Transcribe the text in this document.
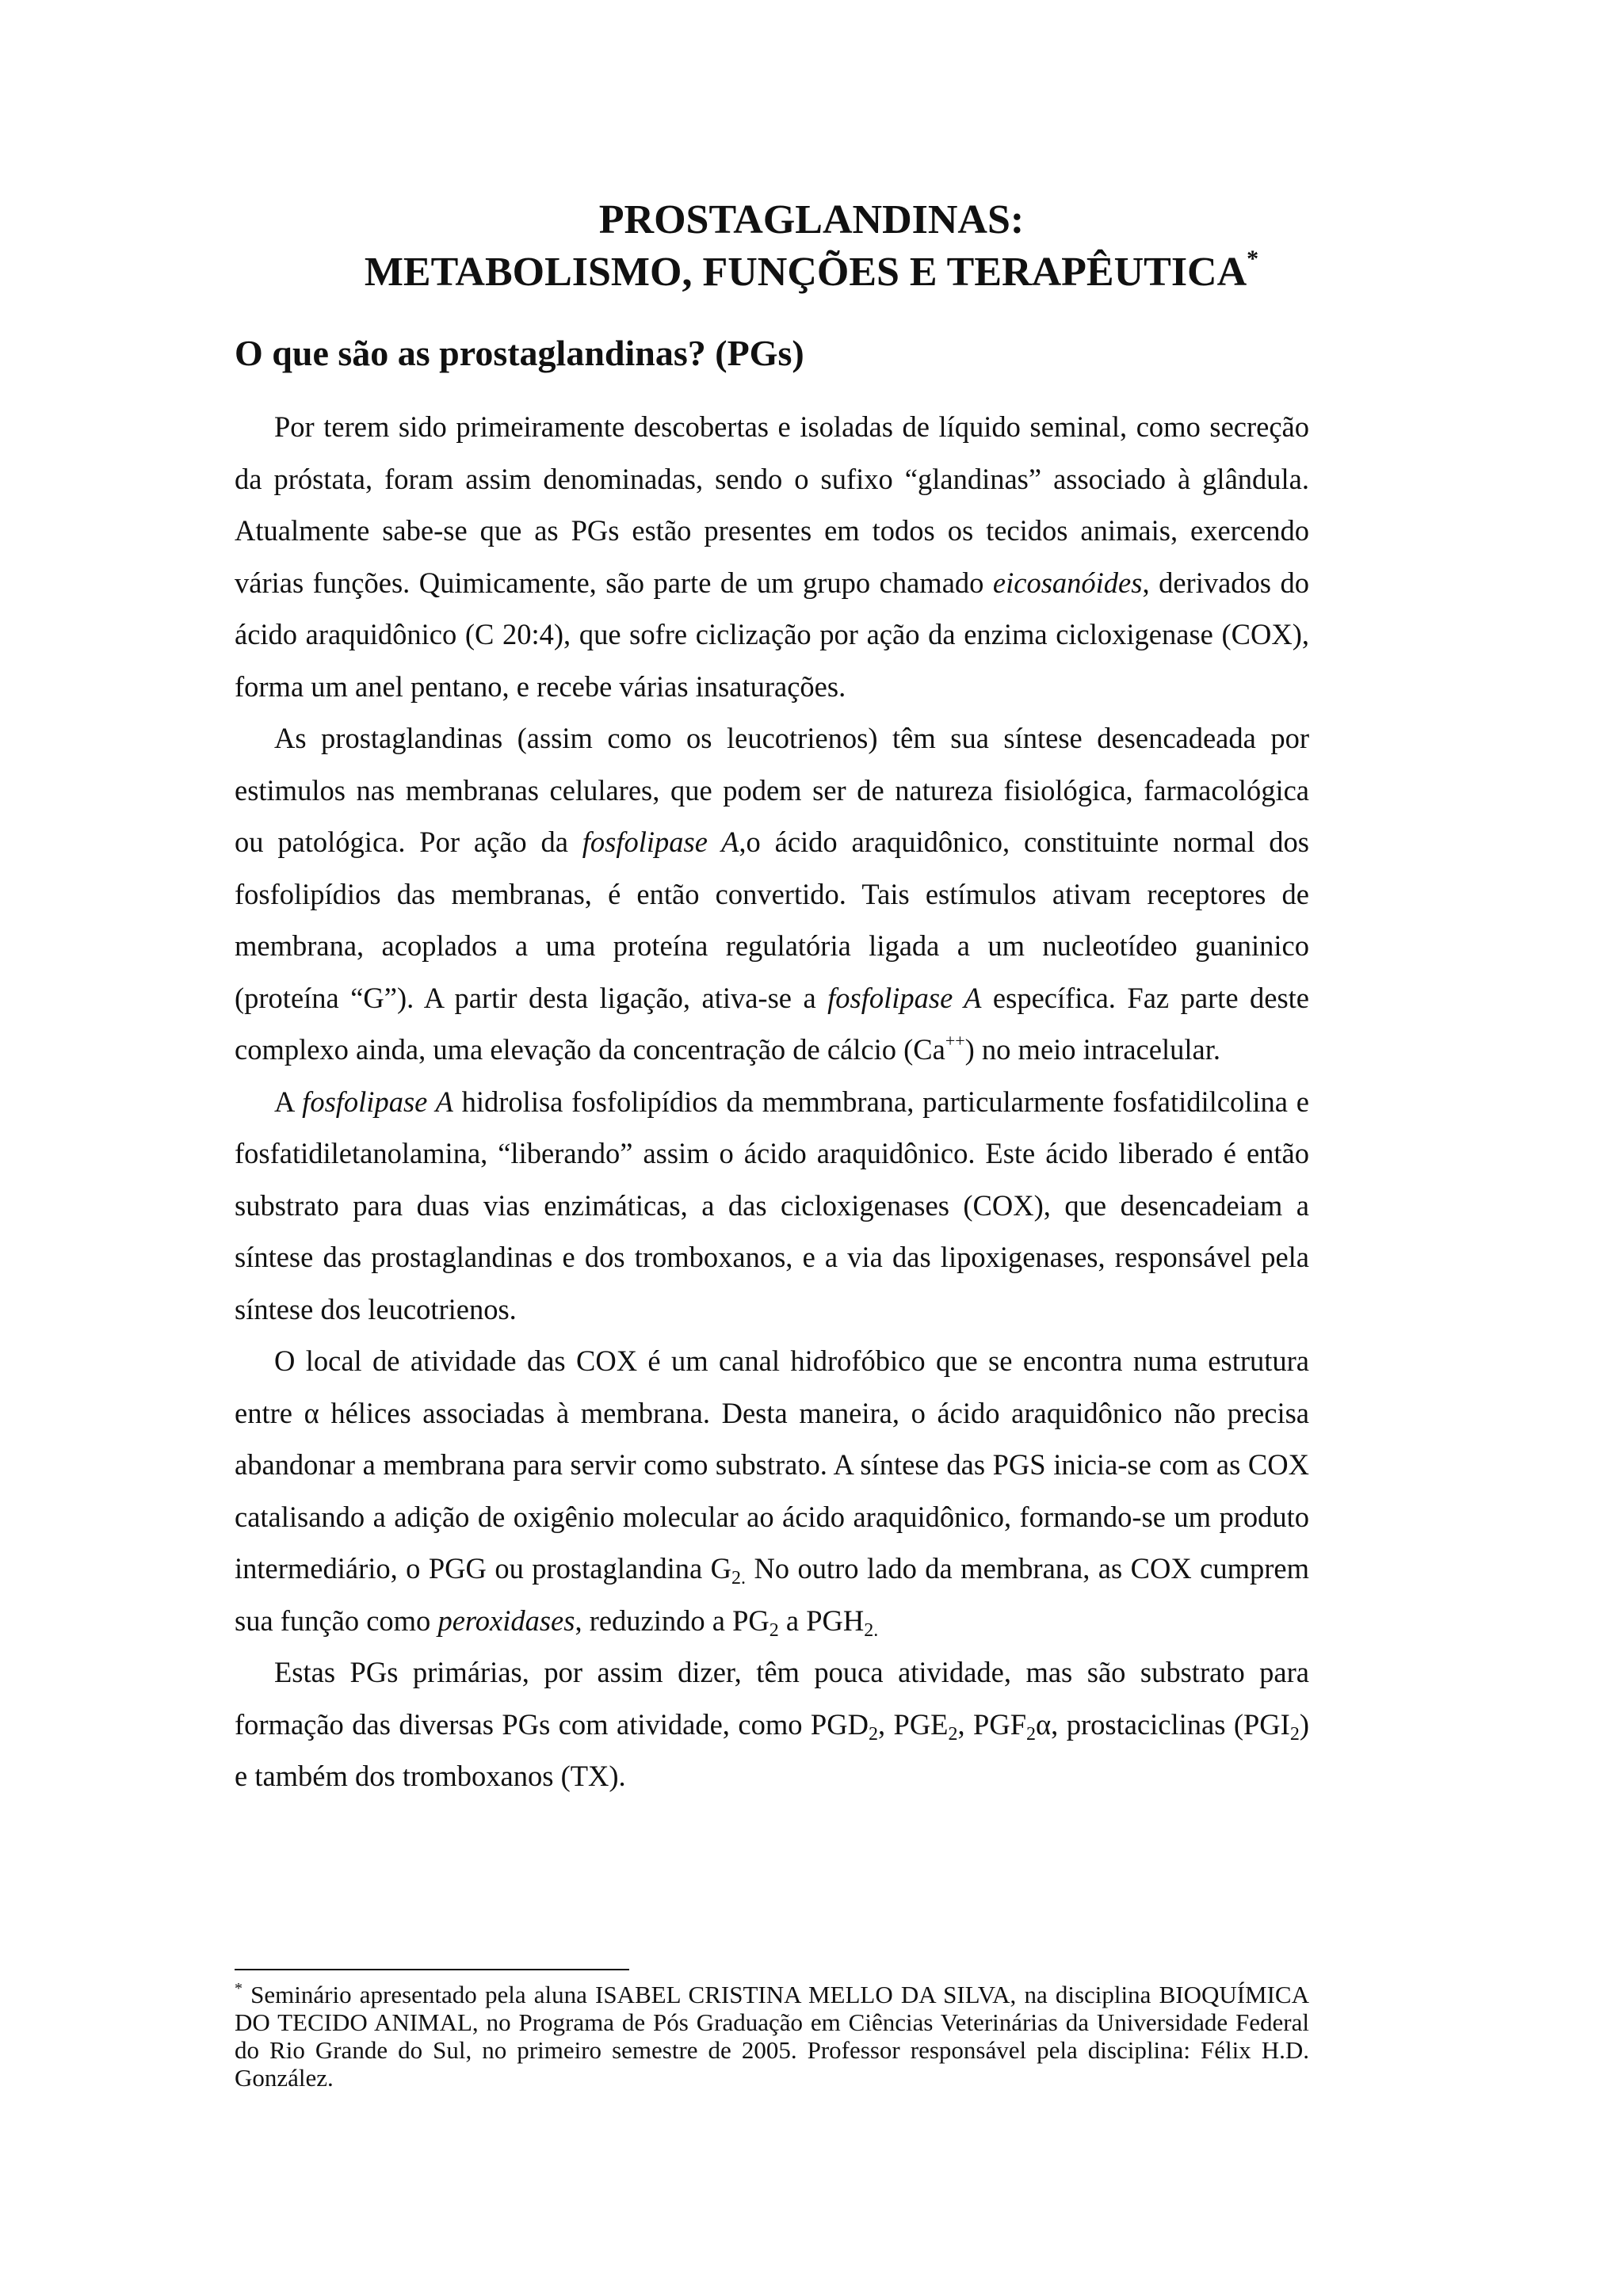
PROSTAGLANDINAS:
METABOLISMO, FUNÇÕES E TERAPÊUTICA*
O que são as prostaglandinas? (PGs)

Por terem sido primeiramente descobertas e isoladas de líquido seminal, como secreção da próstata, foram assim denominadas, sendo o sufixo “glandinas” associado à glândula. Atualmente sabe-se que as PGs estão presentes em todos os tecidos animais, exercendo várias funções. Quimicamente, são parte de um grupo chamado eicosanóides, derivados do ácido araquidônico (C 20:4), que sofre ciclização por ação da enzima cicloxigenase (COX), forma um anel pentano, e recebe várias insaturações.

As prostaglandinas (assim como os leucotrienos) têm sua síntese desencadeada por estimulos nas membranas celulares, que podem ser de natureza fisiológica, farmacológica ou patológica. Por ação da fosfolipase A,o ácido araquidônico, constituinte normal dos fosfolipídios das membranas, é então convertido. Tais estímulos ativam receptores de membrana, acoplados a uma proteína regulatória ligada a um nucleotídeo guaninico (proteína “G”). A partir desta ligação, ativa-se a fosfolipase A específica. Faz parte deste complexo ainda, uma elevação da concentração de cálcio (Ca++) no meio intracelular.

A fosfolipase A hidrolisa fosfolipídios da memmbrana, particularmente fosfatidilcolina e fosfatidiletanolamina, “liberando” assim o ácido araquidônico. Este ácido liberado é então substrato para duas vias enzimáticas, a das cicloxigenases (COX), que desencadeiam a síntese das prostaglandinas e dos tromboxanos, e a via das lipoxigenases, responsável pela síntese dos leucotrienos.

O local de atividade das COX é um canal hidrofóbico que se encontra numa estrutura entre α hélices associadas à membrana. Desta maneira, o ácido araquidônico não precisa abandonar a membrana para servir como substrato. A síntese das PGS inicia-se com as COX catalisando a adição de oxigênio molecular ao ácido araquidônico, formando-se um produto intermediário, o PGG ou prostaglandina $G_{2.}$ No outro lado da membrana, as COX cumprem sua função como peroxidases, reduzindo a $PG_2$ a $PGH_{2.}$

Estas PGs primárias, por assim dizer, têm pouca atividade, mas são substrato para formação das diversas PGs com atividade, como $PGD_2$, $PGE_2$, $PGF_2\alpha$, prostaciclinas $(PGI_2)$ e também dos tromboxanos (TX).

* Seminário apresentado pela aluna ISABEL CRISTINA MELLO DA SILVA, na disciplina BIOQUÍMICA DO TECIDO ANIMAL, no Programa de Pós Graduação em Ciências Veterinárias da Universidade Federal do Rio Grande do Sul, no primeiro semestre de 2005. Professor responsável pela disciplina: Félix H.D. González.
